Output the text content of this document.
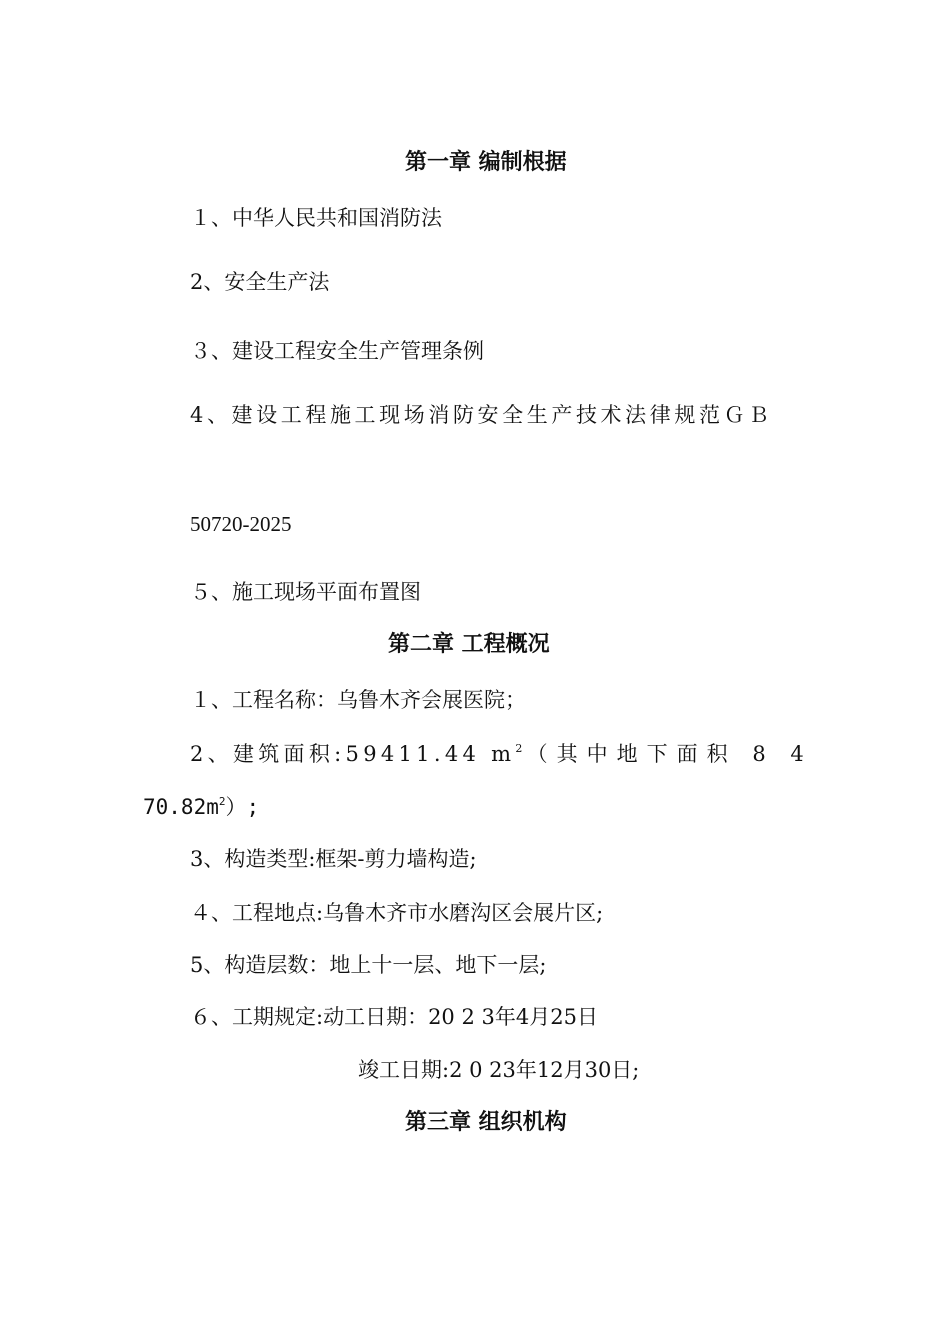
第一章 编制根据
１、中华人民共和国消防法
2、安全生产法
３、建设工程安全生产管理条例
4、建设工程施工现场消防安全生产技术法律规范ＧＢ
50720-2025
５、施工现场平面布置图
第二章 工程概况
１、工程名称：乌鲁木齐会展医院；
2、建筑面积:59411.44 $m^2$（其中地下面积 8 4
$70.82m^2$）;
3、构造类型:框架-剪力墙构造;
４、工程地点:乌鲁木齐市水磨沟区会展片区;
5、构造层数：地上十一层、地下一层;
６、工期规定:动工日期：20 2 3年4月25日
竣工日期:2 0 23年12月30日;
第三章 组织机构
